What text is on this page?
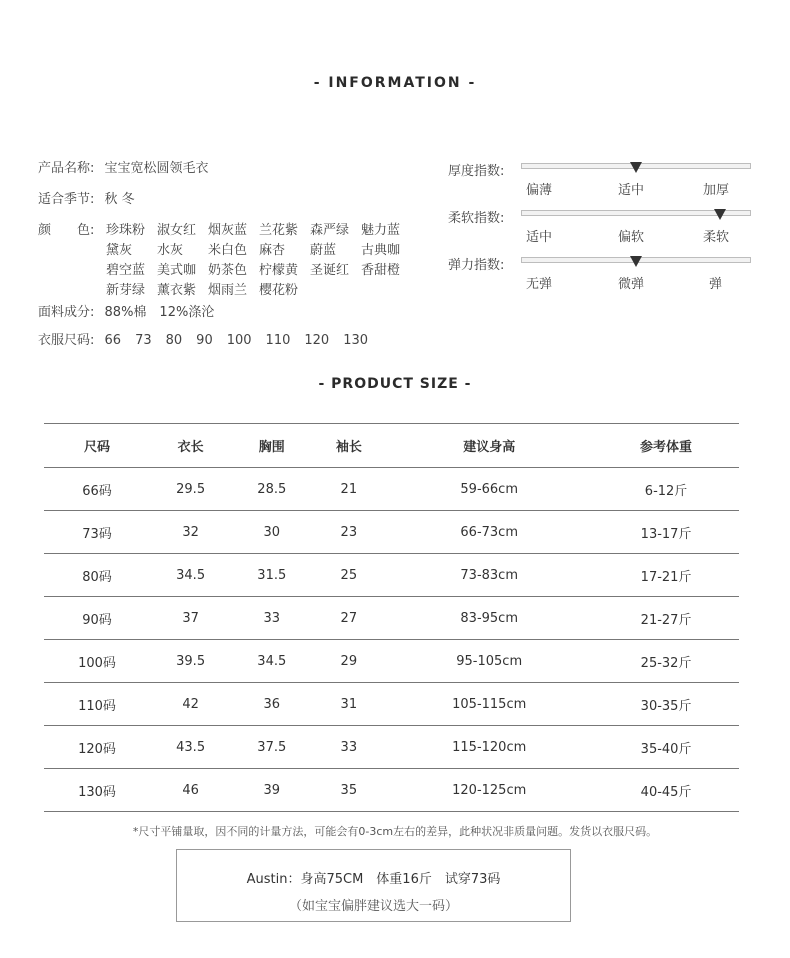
- INFORMATION -
产品名称: 宝宝宽松圆领毛衣
适合季节: 秋 冬
颜　　色: 珍珠粉 淑女红 烟灰蓝 兰花紫 森严绿 魅力蓝
黛灰 水灰 米白色 麻杏 蔚蓝 古典咖
碧空蓝 美式咖 奶茶色 柠檬黄 圣诞红 香甜橙
新芽绿 薰衣紫 烟雨兰 樱花粉
面料成分: 88%棉　12%涤沦
衣服尺码: 66 73 80 90 100 110 120 130
厚度指数:
偏薄	适中	加厚
柔软指数:
适中	偏软	柔软
弹力指数:
无弹	微弹	弹
- PRODUCT SIZE -
尺码	衣长	胸围	袖长	建议身高	参考体重
66码	29.5	28.5	21	59-66cm	6-12斤
73码	32	30	23	66-73cm	13-17斤
80码	34.5	31.5	25	73-83cm	17-21斤
90码	37	33	27	83-95cm	21-27斤
100码	39.5	34.5	29	95-105cm	25-32斤
110码	42	36	31	105-115cm	30-35斤
120码	43.5	37.5	33	115-120cm	35-40斤
130码	46	39	35	120-125cm	40-45斤
*尺寸平铺量取，因不同的计量方法，可能会有0-3cm左右的差异，此种状况非质量问题。发货以衣服尺码。
Austin：身高75CM　体重16斤　试穿73码
（如宝宝偏胖建议选大一码）
